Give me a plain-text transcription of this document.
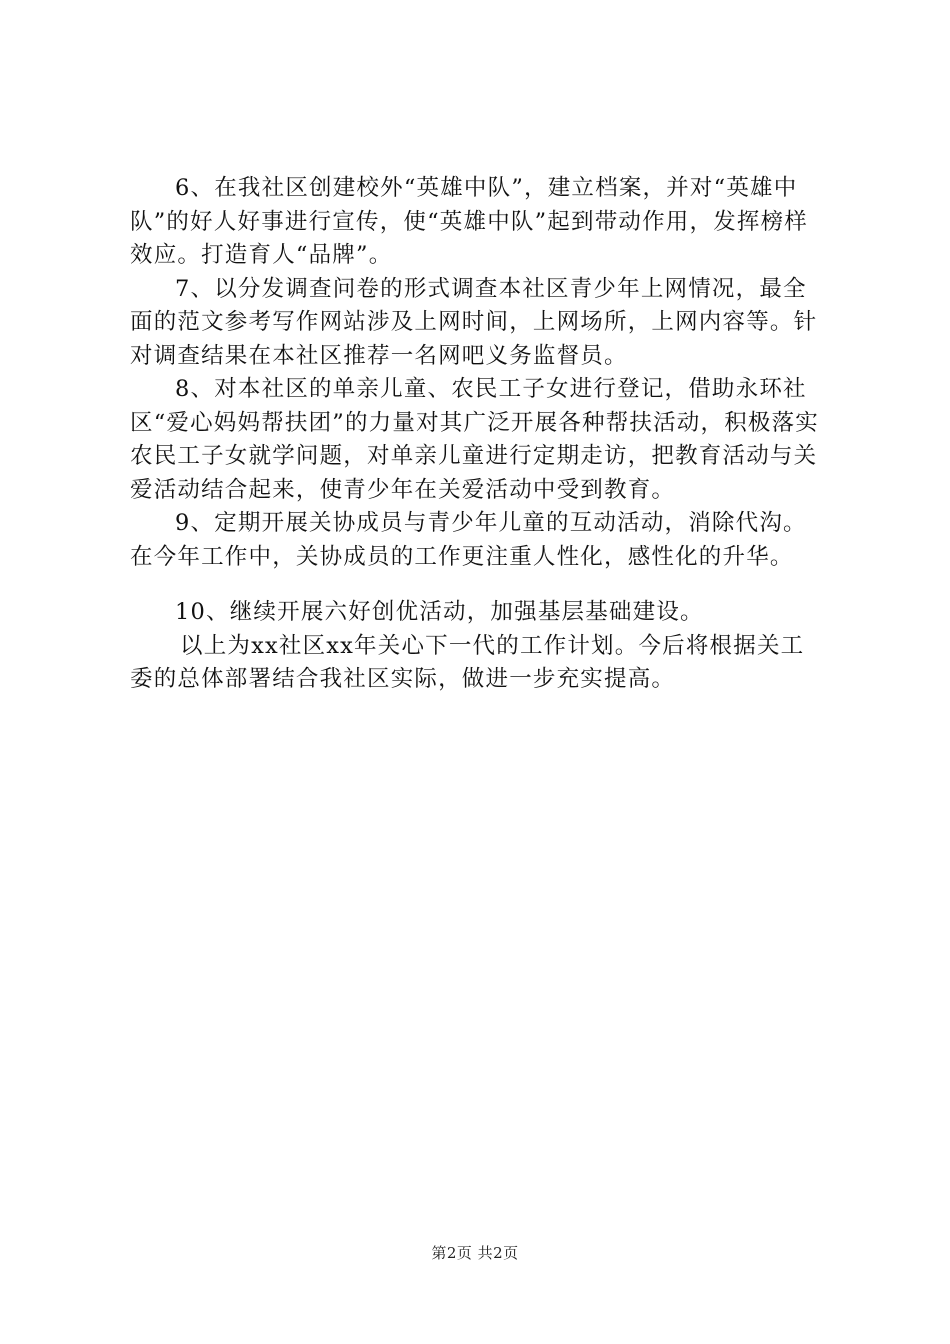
6、在我社区创建校外“英雄中队”，建立档案，并对“英雄中队”的好人好事进行宣传，使“英雄中队”起到带动作用，发挥榜样效应。打造育人“品牌”。

7、以分发调查问卷的形式调查本社区青少年上网情况，最全面的范文参考写作网站涉及上网时间，上网场所，上网内容等。针对调查结果在本社区推荐一名网吧义务监督员。

8、对本社区的单亲儿童、农民工子女进行登记，借助永环社区“爱心妈妈帮扶团”的力量对其广泛开展各种帮扶活动，积极落实农民工子女就学问题，对单亲儿童进行定期走访，把教育活动与关爱活动结合起来，使青少年在关爱活动中受到教育。

9、定期开展关协成员与青少年儿童的互动活动，消除代沟。在今年工作中，关协成员的工作更注重人性化，感性化的升华。

10、继续开展六好创优活动，加强基层基础建设。

以上为xx社区xx年关心下一代的工作计划。今后将根据关工委的总体部署结合我社区实际，做进一步充实提高。

第2页 共2页
